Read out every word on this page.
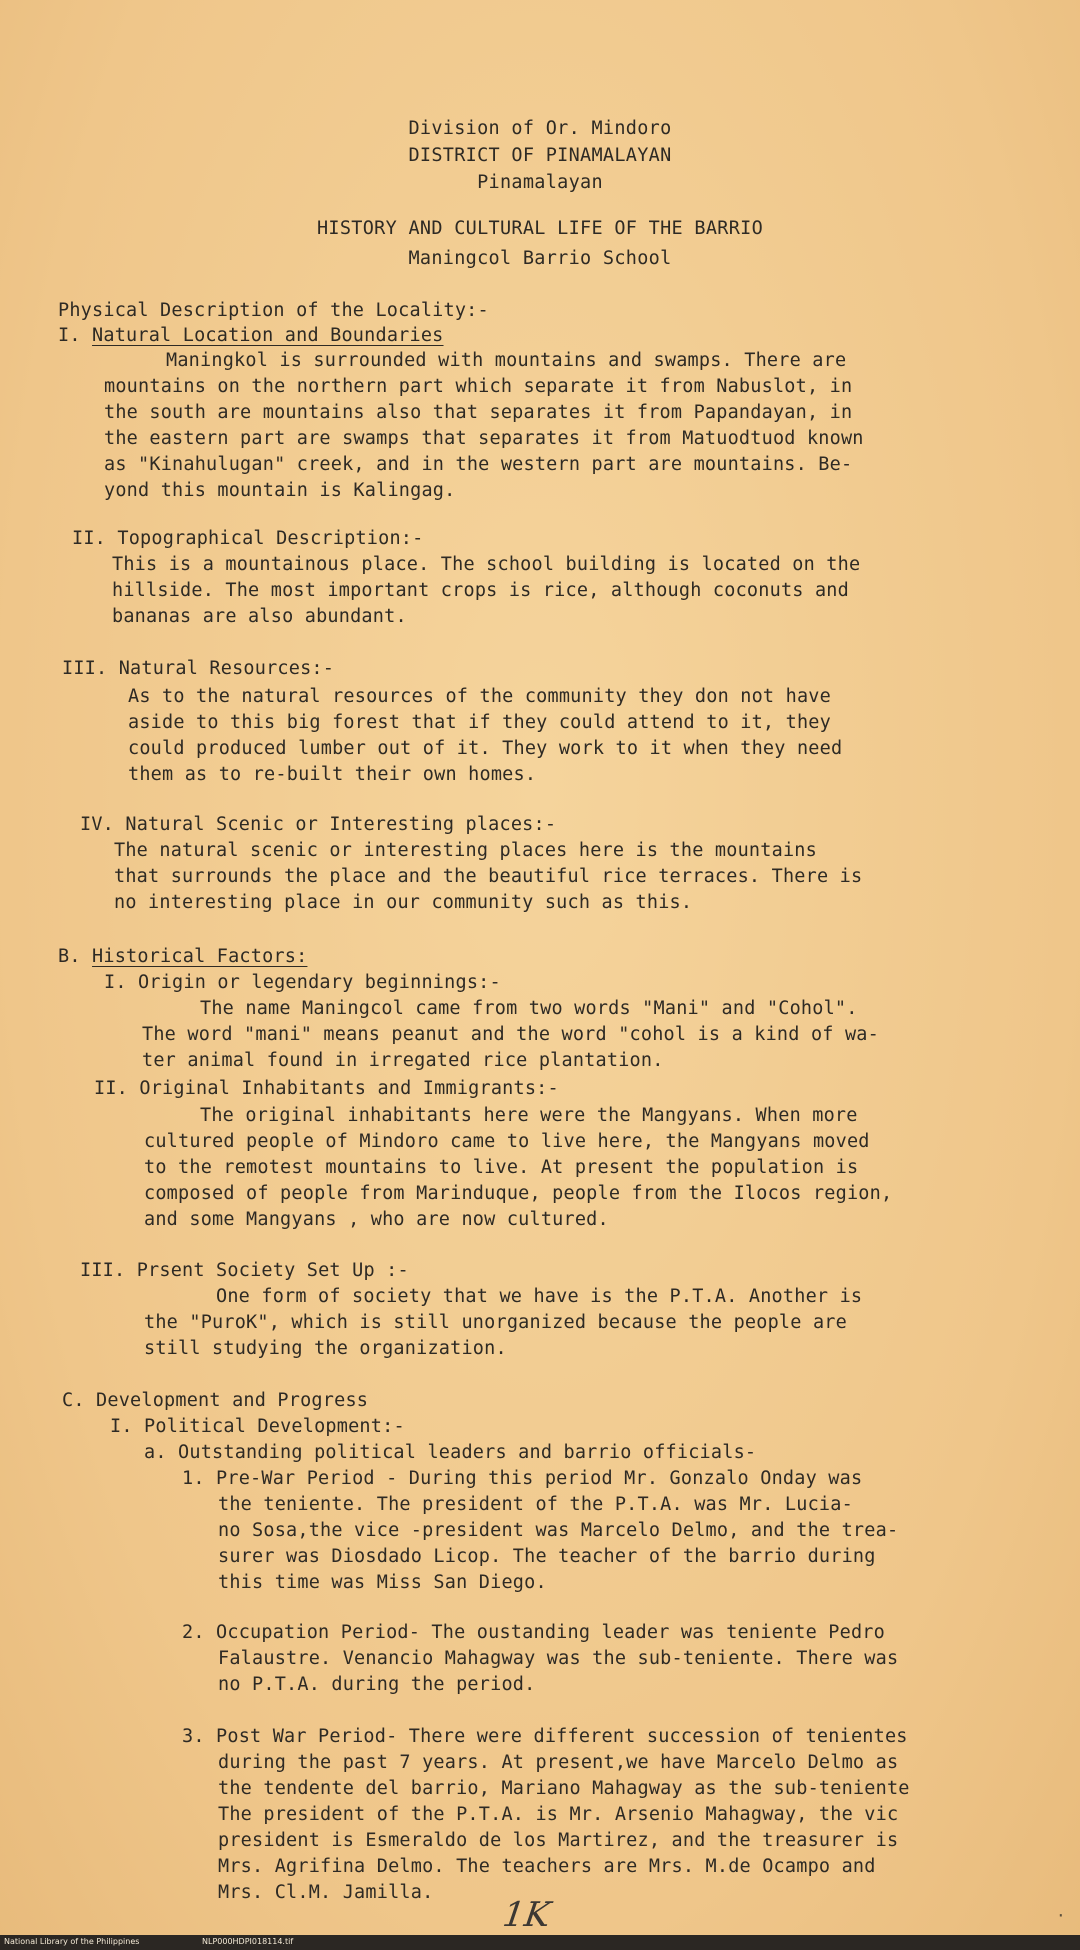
Division of Or. Mindoro
DISTRICT OF PINAMALAYAN
Pinamalayan
HISTORY AND CULTURAL LIFE OF THE BARRIO
Maningcol Barrio School
Physical Description of the Locality:-
I. Natural Location and Boundaries
Maningkol is surrounded with mountains and swamps. There are
mountains on the northern part which separate it from Nabuslot, in
the south are mountains also that separates it from Papandayan, in
the eastern part are swamps that separates it from Matuodtuod known
as "Kinahulugan" creek, and in the western part are mountains. Be-
yond this mountain is Kalingag.
II. Topographical Description:-
This is a mountainous place. The school building is located on the
hillside. The most important crops is rice, although coconuts and
bananas are also abundant.
III. Natural Resources:-
As to the natural resources of the community they don not have
aside to this big forest that if they could attend to it, they
could produced lumber out of it. They work to it when they need
them as to re-built their own homes.
IV. Natural Scenic or Interesting places:-
The natural scenic or interesting places here is the mountains
that surrounds the place and the beautiful rice terraces. There is
no interesting place in our community such as this.
B. Historical Factors:
I. Origin or legendary beginnings:-
The name Maningcol came from two words "Mani" and "Cohol".
The word "mani" means peanut and the word "cohol is a kind of wa-
ter animal found in irregated rice plantation.
II. Original Inhabitants and Immigrants:-
The original inhabitants here were the Mangyans. When more
cultured people of Mindoro came to live here, the Mangyans moved
to the remotest mountains to live. At present the population is
composed of people from Marinduque, people from the Ilocos region,
and some Mangyans , who are now cultured.
III. Prsent Society Set Up :-
One form of society that we have is the P.T.A. Another is
the "PuroK", which is still unorganized because the people are
still studying the organization.
C. Development and Progress
I. Political Development:-
a. Outstanding political leaders and barrio officials-
1. Pre-War Period - During this period Mr. Gonzalo Onday was
the teniente. The president of the P.T.A. was Mr. Lucia-
no Sosa,the vice -president was Marcelo Delmo, and the trea-
surer was Diosdado Licop. The teacher of the barrio during
this time was Miss San Diego.
2. Occupation Period- The oustanding leader was teniente Pedro
Falaustre. Venancio Mahagway was the sub-teniente. There was
no P.T.A. during the period.
3. Post War Period- There were different succession of tenientes
during the past 7 years. At present,we have Marcelo Delmo as
the tendente del barrio, Mariano Mahagway as the sub-teniente
The president of the P.T.A. is Mr. Arsenio Mahagway, the vic
president is Esmeraldo de los Martirez, and the treasurer is
Mrs. Agrifina Delmo. The teachers are Mrs. M.de Ocampo and
Mrs. Cl.M. Jamilla.
1K	·
National Library of the Philippines	NLP000HDPI018114.tif
